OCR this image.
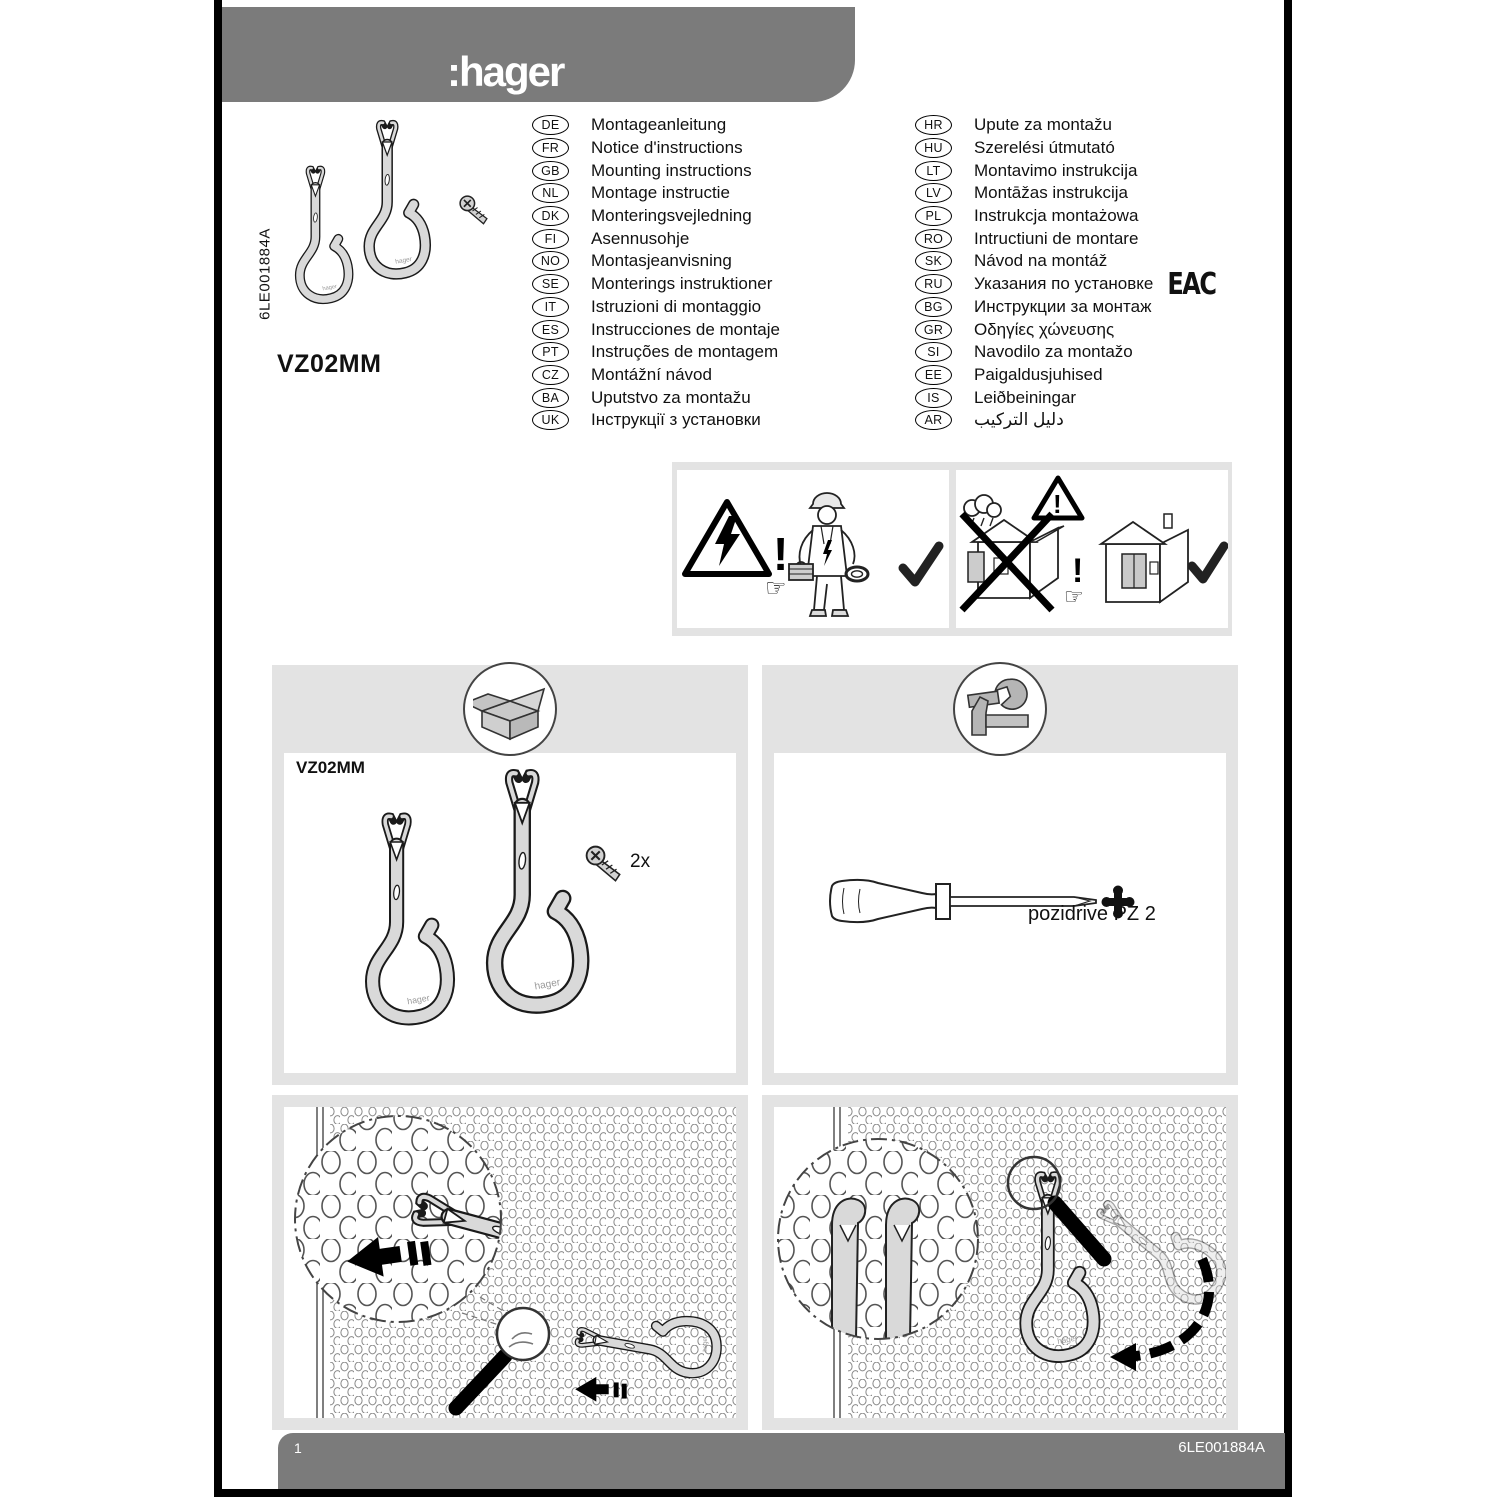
:hager
6LE001884A
VZ02MM
DE	Montageanleitung
FR	Notice d'instructions
GB	Mounting instructions
NL	Montage instructie
DK	Monteringsvejledning
FI	Asennusohje
NO	Montasjeanvisning
SE	Monterings instruktioner
IT	Istruzioni di montaggio
ES	Instrucciones de montaje
PT	Instruções de montagem
CZ	Montážní návod
BA	Uputstvo za montažu
UK	Інструкції з установки
HR	Upute za montažu
HU	Szerelési útmutató
LT	Montavimo instrukcija
LV	Montāžas instrukcija
PL	Instrukcja montażowa
RO	Intructiuni de montare
SK	Návod na montáž
RU	Указания по установке EAC
BG	Инструкции за монтаж
GR	Οδηγίες χώνευσης
SI	Navodilo za montažo
EE	Paigaldusjuhised
IS	Leiðbeiningar
AR	دليل التركيب
!
☞
!
!
☞
VZ02MM
2x
pozidrive PZ 2
1	6LE001884A
